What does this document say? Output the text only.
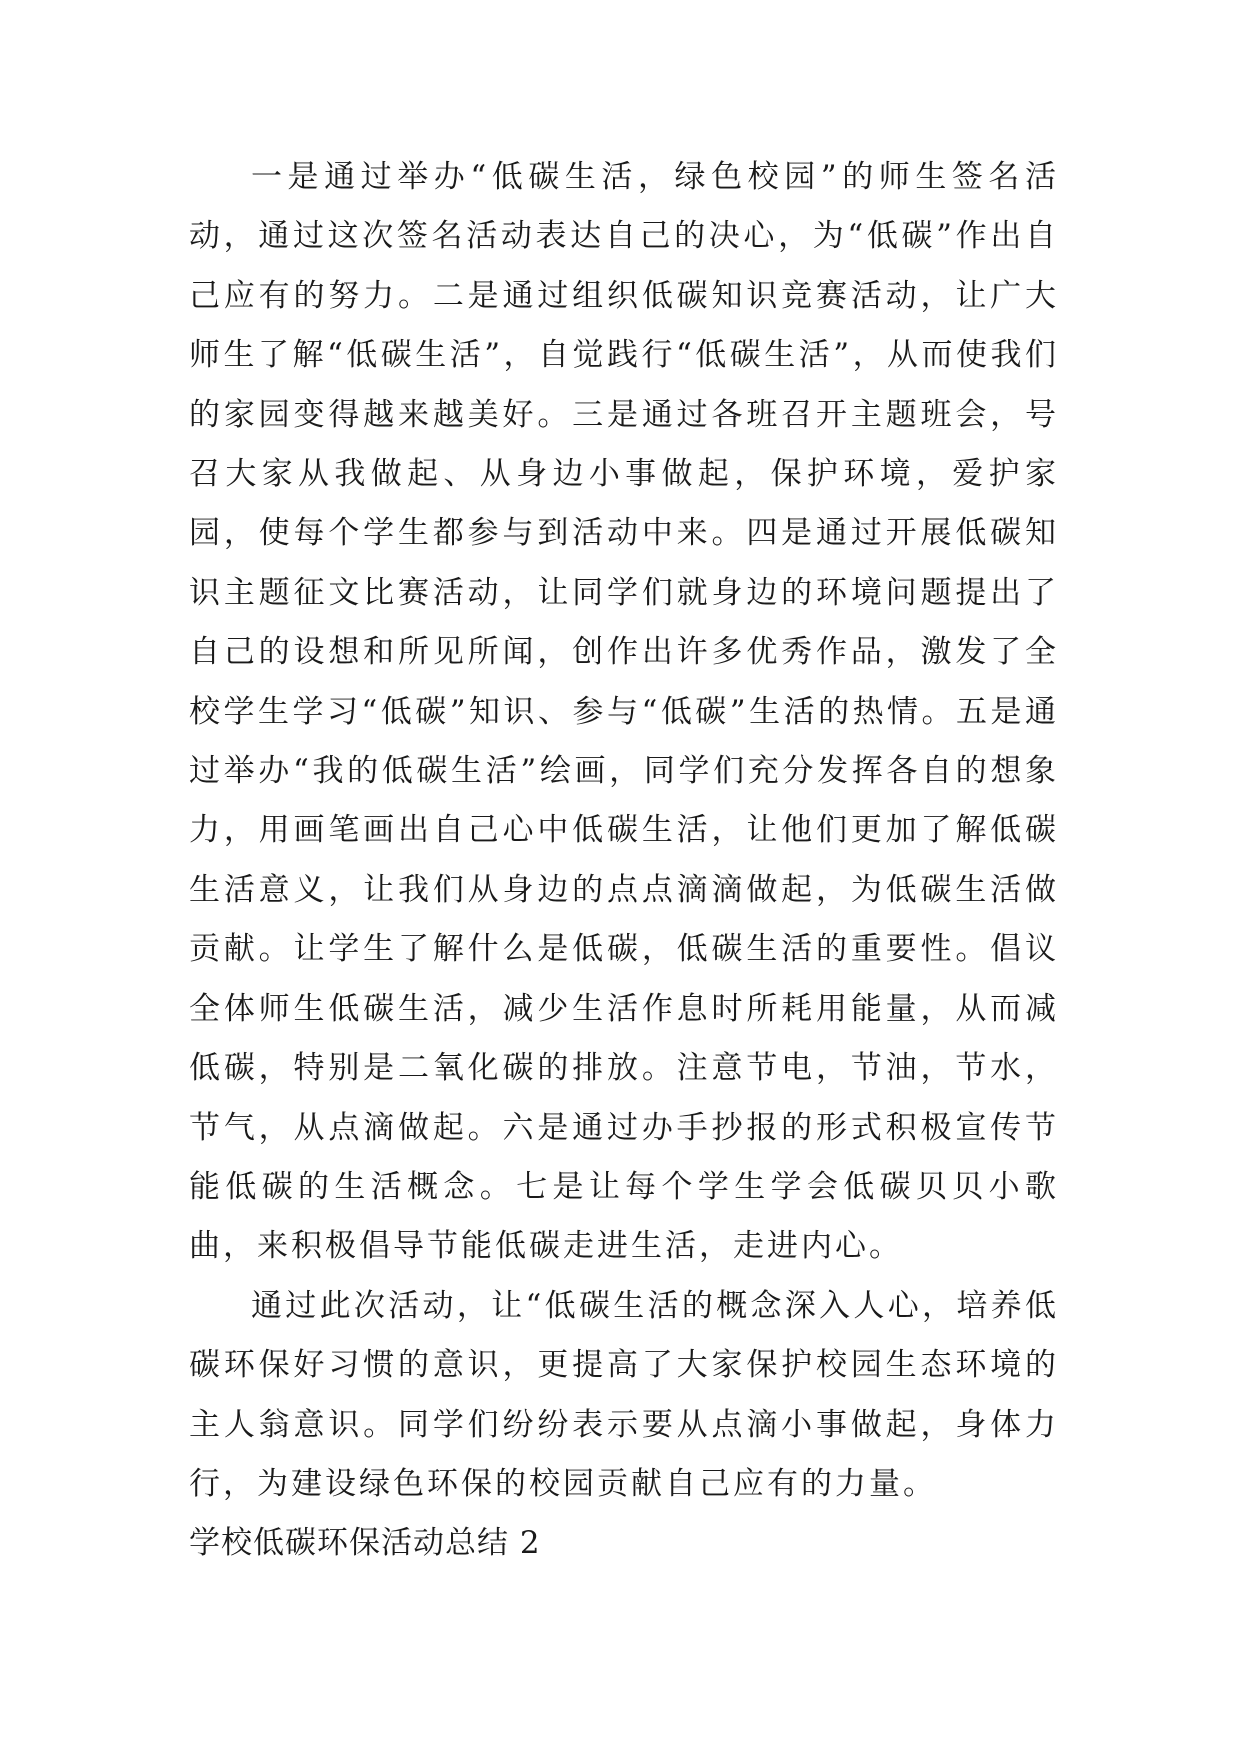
一是通过举办“低碳生活，绿色校园”的师生签名活动，通过这次签名活动表达自己的决心，为“低碳”作出自己应有的努力。二是通过组织低碳知识竞赛活动，让广大师生了解“低碳生活”，自觉践行“低碳生活”，从而使我们的家园变得越来越美好。三是通过各班召开主题班会，号召大家从我做起、从身边小事做起，保护环境，爱护家园，使每个学生都参与到活动中来。四是通过开展低碳知识主题征文比赛活动，让同学们就身边的环境问题提出了自己的设想和所见所闻，创作出许多优秀作品，激发了全校学生学习“低碳”知识、参与“低碳”生活的热情。五是通过举办“我的低碳生活”绘画，同学们充分发挥各自的想象力，用画笔画出自己心中低碳生活，让他们更加了解低碳生活意义，让我们从身边的点点滴滴做起，为低碳生活做贡献。让学生了解什么是低碳，低碳生活的重要性。倡议全体师生低碳生活，减少生活作息时所耗用能量，从而减低碳，特别是二氧化碳的排放。注意节电，节油，节水，节气，从点滴做起。六是通过办手抄报的形式积极宣传节能低碳的生活概念。七是让每个学生学会低碳贝贝小歌曲，来积极倡导节能低碳走进生活，走进内心。

通过此次活动，让“低碳生活的概念深入人心，培养低碳环保好习惯的意识，更提高了大家保护校园生态环境的主人翁意识。同学们纷纷表示要从点滴小事做起，身体力行，为建设绿色环保的校园贡献自己应有的力量。

学校低碳环保活动总结 2
